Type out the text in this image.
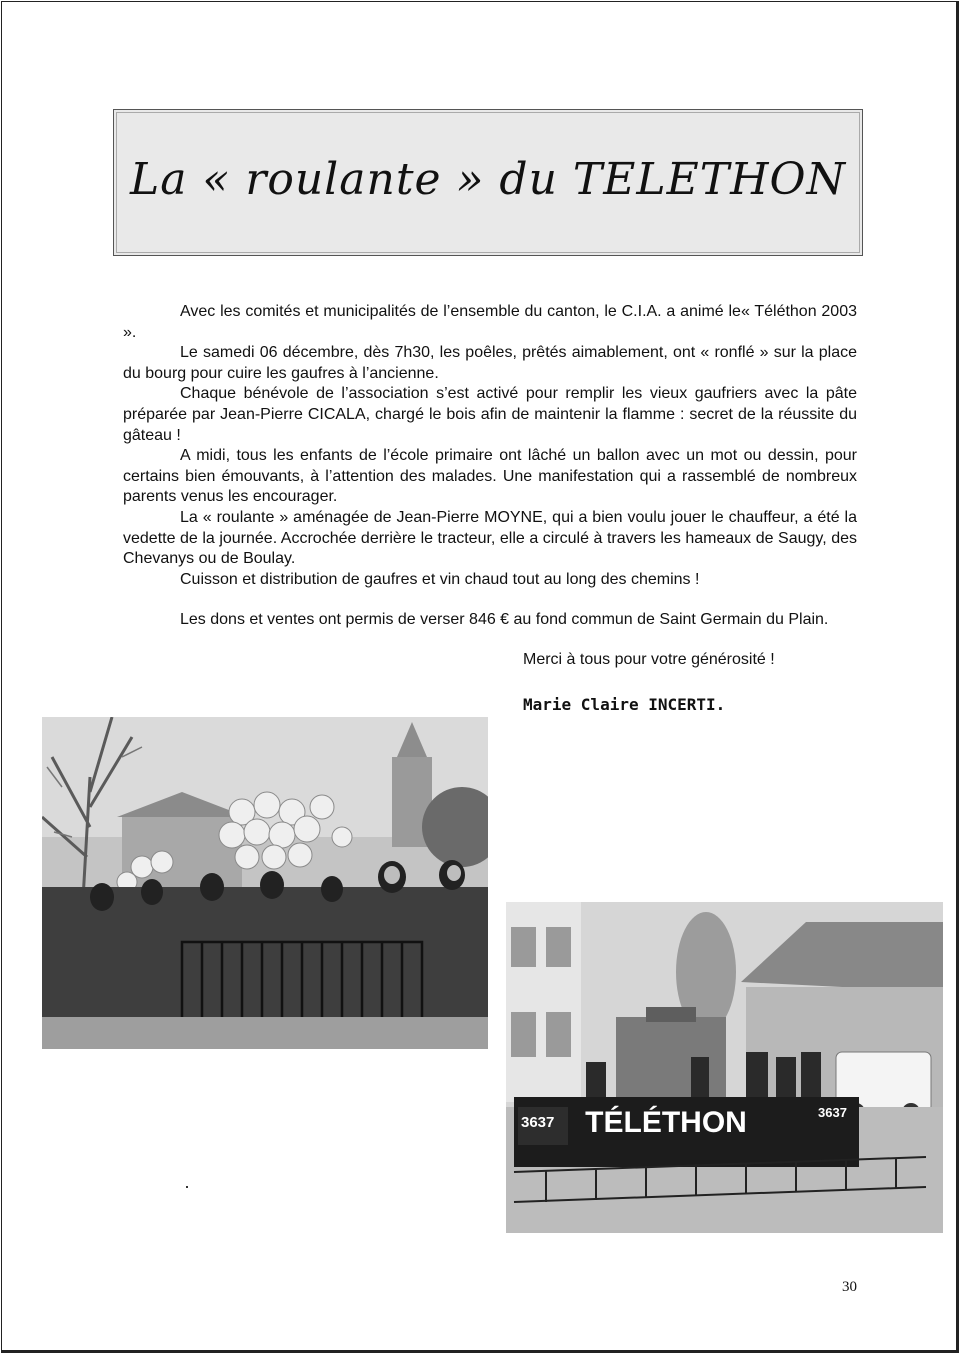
La « roulante » du TELETHON

Avec les comités et municipalités de l’ensemble du canton, le C.I.A. a animé le« Téléthon 2003 ».

Le samedi 06 décembre, dès 7h30, les poêles, prêtés aimablement, ont « ronflé » sur la place du bourg pour cuire les gaufres à l’ancienne.

Chaque bénévole de l’association s’est activé pour remplir les vieux gaufriers avec la pâte préparée par Jean-Pierre CICALA, chargé le bois afin de maintenir la flamme : secret de la réussite du gâteau !

A midi, tous les enfants de l’école primaire ont lâché un ballon avec un mot ou dessin, pour certains bien émouvants, à l’attention des malades. Une manifestation qui a rassemblé de nombreux parents venus les encourager.

La « roulante » aménagée de Jean-Pierre MOYNE, qui a bien voulu jouer le chauffeur, a été la vedette de la journée. Accrochée derrière le tracteur, elle a circulé à travers les hameaux de Saugy, des Chevanys ou de Boulay.

Cuisson et distribution de gaufres et vin chaud tout au long des chemins !

Les dons et ventes ont permis de verser 846 € au fond commun de Saint Germain du Plain.

Merci à tous pour votre générosité !
Marie Claire INCERTI.
3637 TÉLÉTHON	3637
30
